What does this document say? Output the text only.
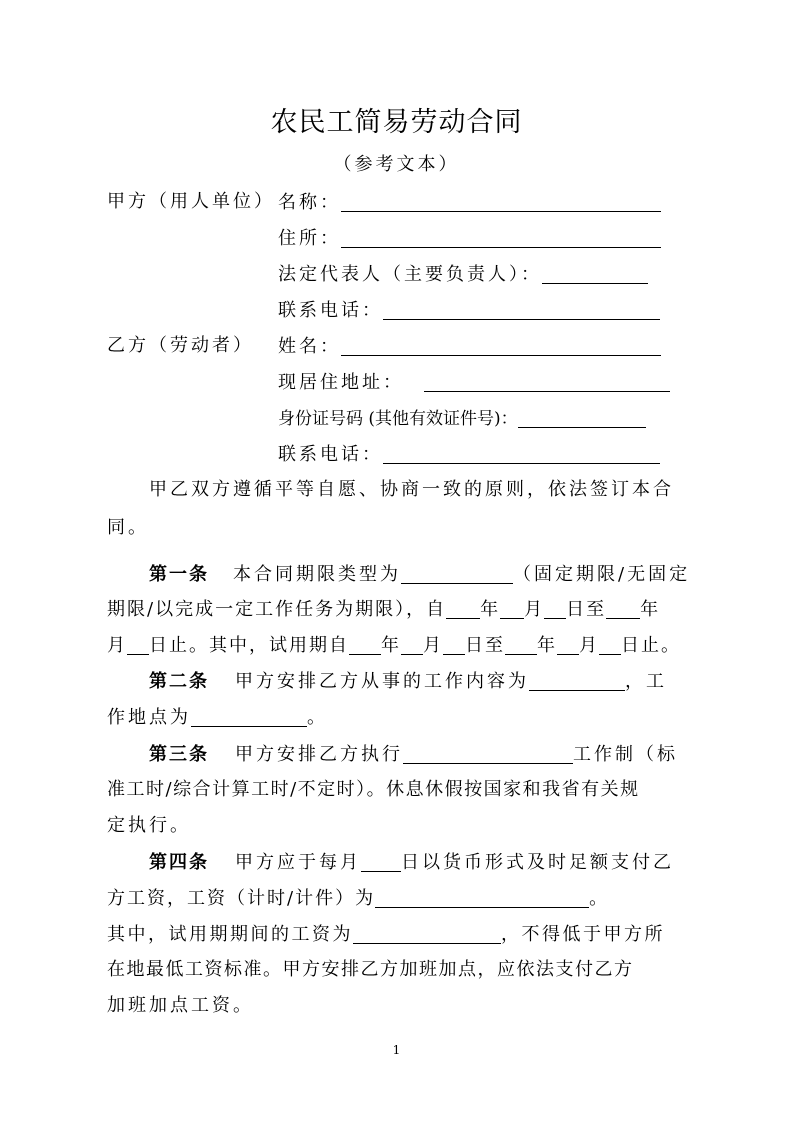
农民工简易劳动合同
（参考文本）
甲方（用人单位） 名称：
住所：
法定代表人（主要负责人）：
联系电话：
乙方（劳动者） 姓名：
现居住地址：
身份证号码 (其他有效证件号)：
联系电话：
甲乙双方遵循平等自愿、协商一致的原则，依法签订本合
同。
第一条 本合同期限类型为	（固定期限/无固定
期限/以完成一定工作任务为期限），自 年 月 日至 年
月 日止。其中，试用期自 年 月 日至 年 月 日止。
第二条 甲方安排乙方从事的工作内容为	，工
作地点为	。
第三条 甲方安排乙方执行	工作制（标
准工时/综合计算工时/不定时）。休息休假按国家和我省有关规
定执行。
第四条 甲方应于每月 日以货币形式及时足额支付乙
方工资，工资（计时/计件）为	。
其中，试用期期间的工资为	，不得低于甲方所
在地最低工资标准。甲方安排乙方加班加点，应依法支付乙方
加班加点工资。
1
